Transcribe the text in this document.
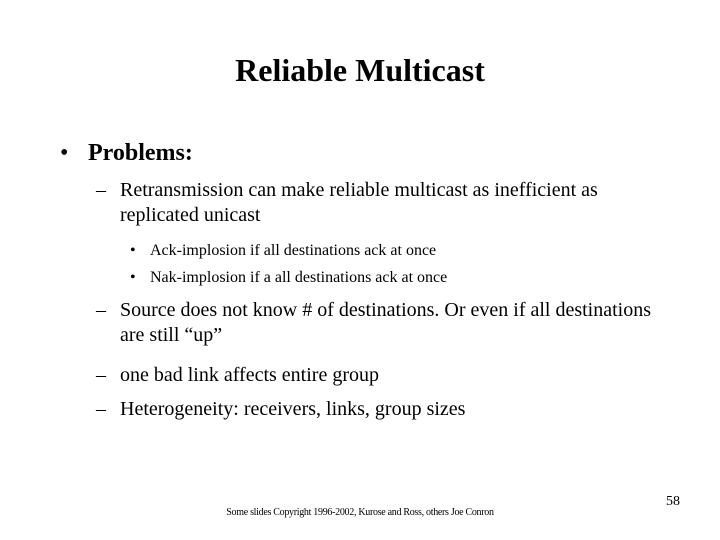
Reliable Multicast
• Problems:
– Retransmission can make reliable multicast as inefficient as replicated unicast
• Ack-implosion if all destinations ack at once
• Nak-implosion if a all destinations ack at once
– Source does not know # of destinations. Or even if all destinations are still “up”
– one bad link affects entire group
– Heterogeneity: receivers, links, group sizes
Some slides Copyright 1996-2002, Kurose and Ross, others Joe Conron
58
